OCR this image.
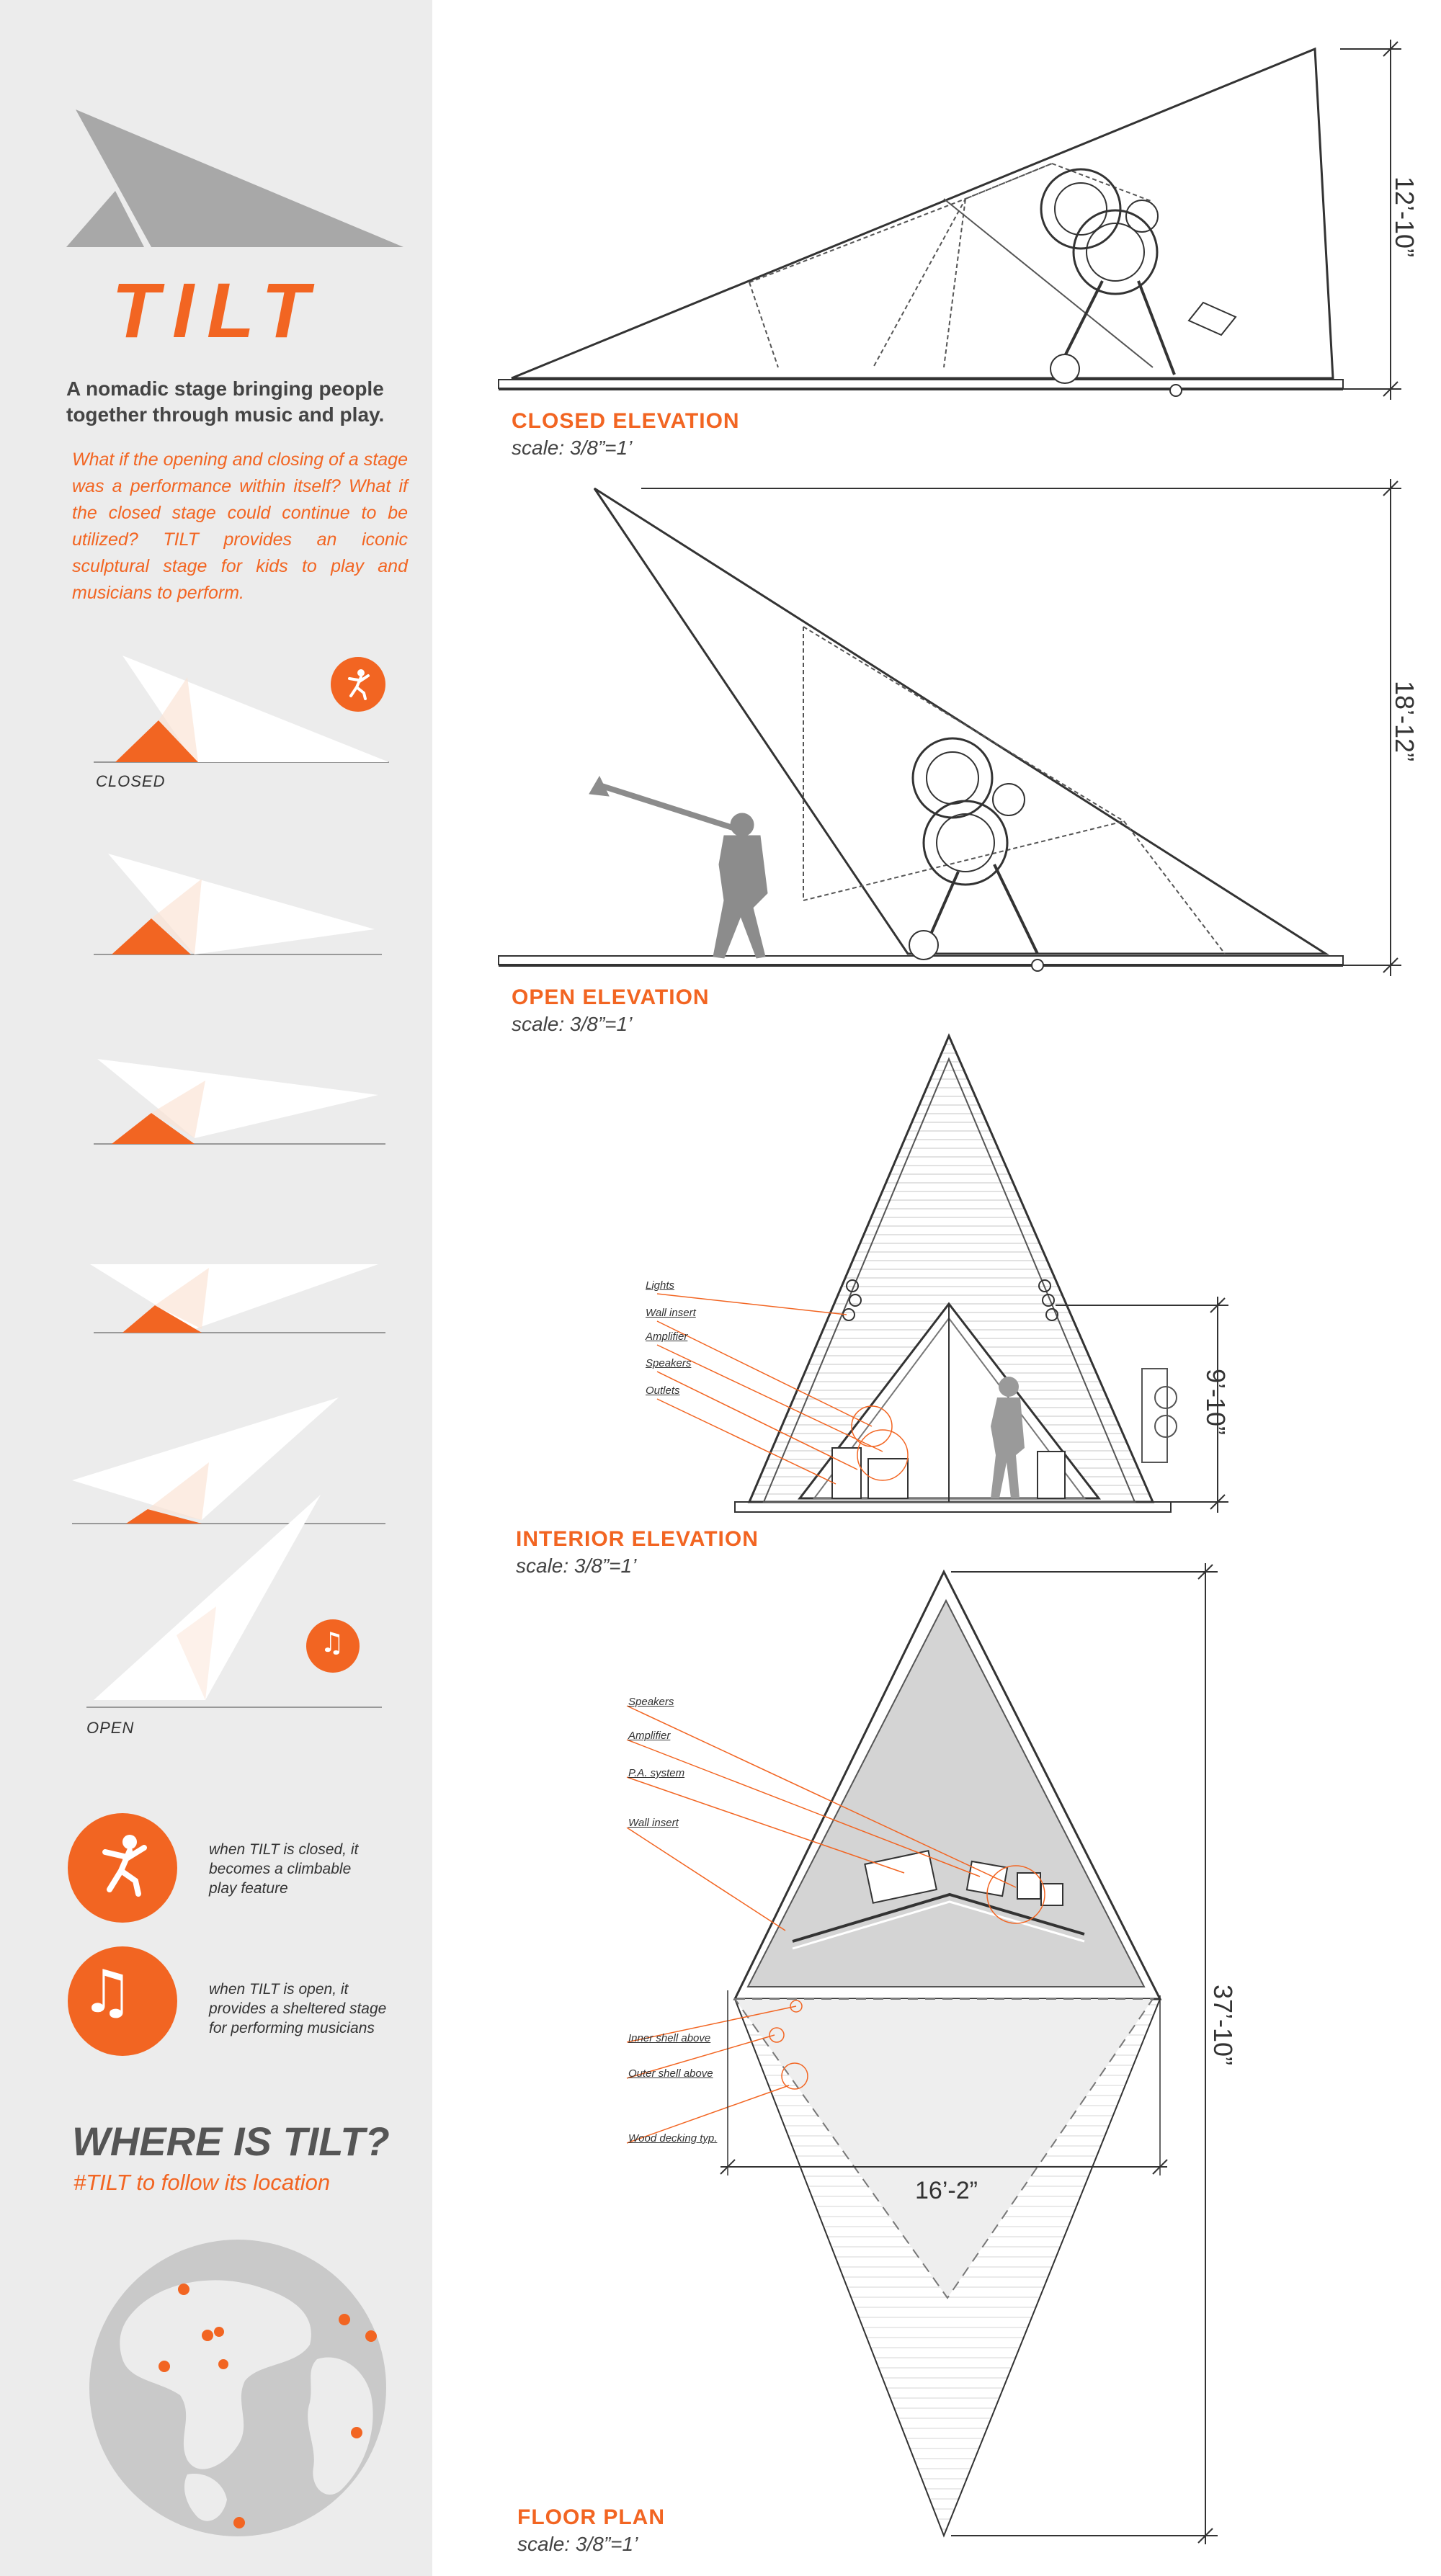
TILT
A nomadic stage bringing people together through music and play.
What if the opening and closing of a stage was a performance within itself? What if the closed stage could continue to be utilized? TILT provides an iconic sculptural stage for kids to play and musicians to perform.
♫
CLOSED
OPEN
♫
when TILT is closed, it becomes a climbable play feature
when TILT is open, it provides a sheltered stage for performing musicians
WHERE IS TILT?
#TILT to follow its location
12’-10”
CLOSED ELEVATION
scale: 3/8”=1’
18’-12”
OPEN ELEVATION
scale: 3/8”=1’
Lights
Wall insert
Amplifier
Speakers
Outlets	9’-10”
INTERIOR ELEVATION
scale: 3/8”=1’
Speakers
Amplifier
P.A. system
Wall insert
Inner shell above
Outer shell above
Wood decking typ.
16’-2”
37’-10”
FLOOR PLAN
scale: 3/8”=1’
